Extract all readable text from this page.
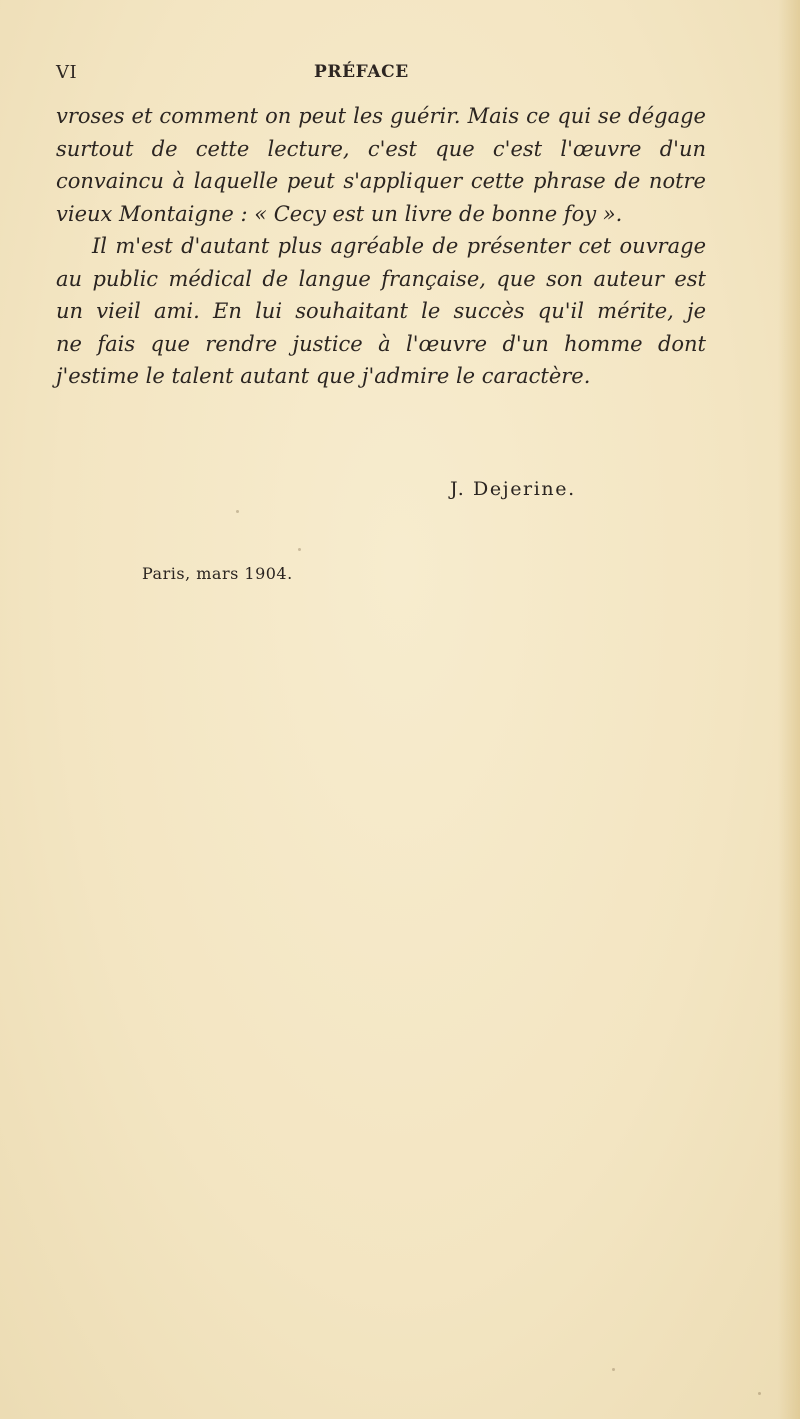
VI	PRÉFACE
vroses et comment on peut les guérir. Mais ce qui se dégage
surtout de cette lecture, c'est que c'est l'œuvre d'un
convaincu à laquelle peut s'appliquer cette phrase de notre
vieux Montaigne : « Cecy est un livre de bonne foy ».
Il m'est d'autant plus agréable de présenter cet ouvrage
au public médical de langue française, que son auteur est
un vieil ami. En lui souhaitant le succès qu'il mérite, je
ne fais que rendre justice à l'œuvre d'un homme dont
j'estime le talent autant que j'admire le caractère.
J. Dejerine.
Paris, mars 1904.
